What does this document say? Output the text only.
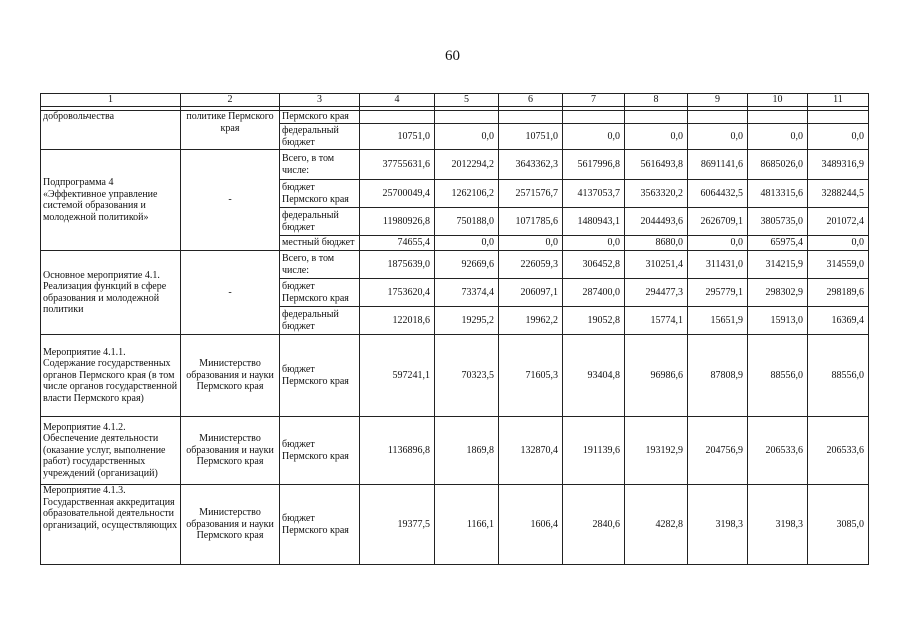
60
1	2	3	4	5	6	7	8	9	10	11

добровольчества	политике Пермского края	Пермского края								
		федеральный бюджет	10751,0	0,0	10751,0	0,0	0,0	0,0	0,0	0,0
Подпрограмма 4 «Эффективное управление системой образования и молодежной политикой»	-	Всего, в том числе:	37755631,6	2012294,2	3643362,3	5617996,8	5616493,8	8691141,6	8685026,0	3489316,9
		бюджет Пермского края	25700049,4	1262106,2	2571576,7	4137053,7	3563320,2	6064432,5	4813315,6	3288244,5
		федеральный бюджет	11980926,8	750188,0	1071785,6	1480943,1	2044493,6	2626709,1	3805735,0	201072,4
		местный бюджет	74655,4	0,0	0,0	0,0	8680,0	0,0	65975,4	0,0
Основное мероприятие 4.1. Реализация функций в сфере образования и молодежной политики	-	Всего, в том числе:	1875639,0	92669,6	226059,3	306452,8	310251,4	311431,0	314215,9	314559,0
		бюджет Пермского края	1753620,4	73374,4	206097,1	287400,0	294477,3	295779,1	298302,9	298189,6
		федеральный бюджет	122018,6	19295,2	19962,2	19052,8	15774,1	15651,9	15913,0	16369,4
Мероприятие 4.1.1. Содержание государственных органов Пермского края (в том числе органов государственной власти Пермского края)	Министерство образования и науки Пермского края	бюджет Пермского края	597241,1	70323,5	71605,3	93404,8	96986,6	87808,9	88556,0	88556,0
Мероприятие 4.1.2. Обеспечение деятельности (оказание услуг, выполнение работ) государственных учреждений (организаций)	Министерство образования и науки Пермского края	бюджет Пермского края	1136896,8	1869,8	132870,4	191139,6	193192,9	204756,9	206533,6	206533,6
Мероприятие 4.1.3. Государственная аккредитация образовательной деятельности организаций, осуществляющих	Министерство образования и науки Пермского края	бюджет Пермского края	19377,5	1166,1	1606,4	2840,6	4282,8	3198,3	3198,3	3085,0
